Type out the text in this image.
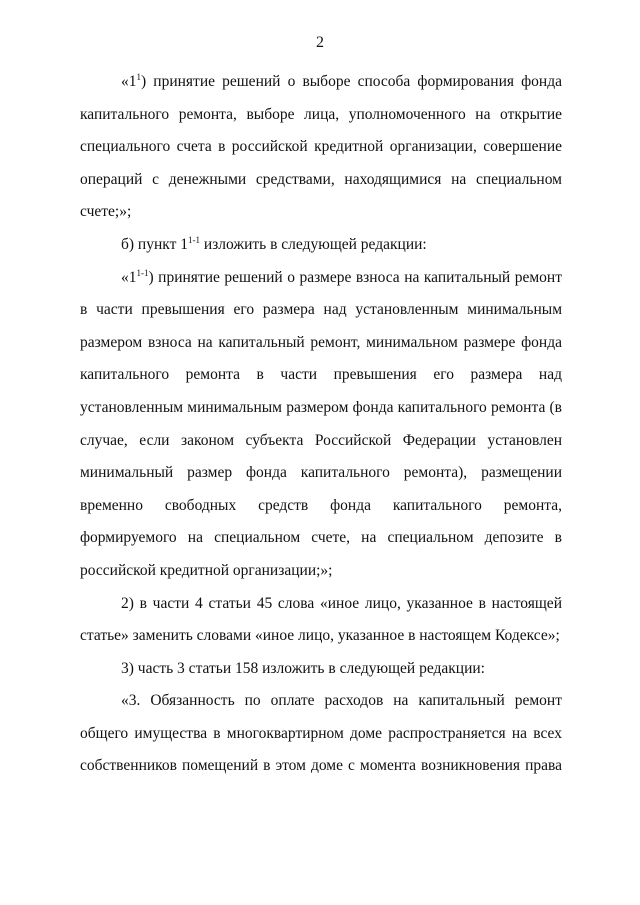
2

«$1^1$) принятие решений о выборе способа формирования фонда капитального ремонта, выборе лица, уполномоченного на открытие специального счета в российской кредитной организации, совершение операций с денежными средствами, находящимися на специальном счете;»;

б) пункт 1$^{1-1}$ изложить в следующей редакции:

«1$^{1-1}$) принятие решений о размере взноса на капитальный ремонт в части превышения его размера над установленным минимальным размером взноса на капитальный ремонт, минимальном размере фонда капитального ремонта в части превышения его размера над установленным минимальным размером фонда капитального ремонта (в случае, если законом субъекта Российской Федерации установлен минимальный размер фонда капитального ремонта), размещении временно свободных средств фонда капитального ремонта, формируемого на специальном счете, на специальном депозите в российской кредитной организации;»;

2) в части 4 статьи 45 слова «иное лицо, указанное в настоящей статье» заменить словами «иное лицо, указанное в настоящем Кодексе»;

3) часть 3 статьи 158 изложить в следующей редакции:

«3. Обязанность по оплате расходов на капитальный ремонт общего имущества в многоквартирном доме распространяется на всех собственников помещений в этом доме с момента возникновения права
